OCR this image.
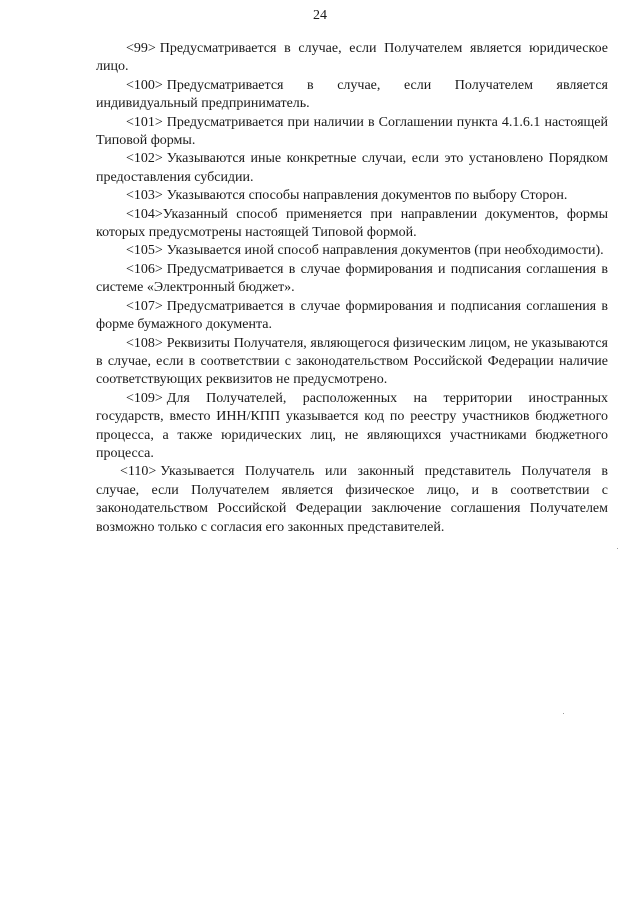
24

<99> Предусматривается в случае, если Получателем является юридическое лицо.

<100> Предусматривается в случае, если Получателем является индивидуальный предприниматель.

<101> Предусматривается при наличии в Соглашении пункта 4.1.6.1 настоящей Типовой формы.

<102> Указываются иные конкретные случаи, если это установлено Порядком предоставления субсидии.

<103> Указываются способы направления документов по выбору Сторон.

<104>Указанный способ применяется при направлении документов, формы которых предусмотрены настоящей Типовой формой.

<105> Указывается иной способ направления документов (при необходимости).

<106> Предусматривается в случае формирования и подписания соглашения в системе «Электронный бюджет».

<107> Предусматривается в случае формирования и подписания соглашения в форме бумажного документа.

<108> Реквизиты Получателя, являющегося физическим лицом, не указываются в случае, если в соответствии с законодательством Российской Федерации наличие соответствующих реквизитов не предусмотрено.

<109> Для Получателей, расположенных на территории иностранных государств, вместо ИНН/КПП указывается код по реестру участников бюджетного процесса, а также юридических лиц, не являющихся участниками бюджетного процесса.

<110> Указывается Получатель или законный представитель Получателя в случае, если Получателем является физическое лицо, и в соответствии с законодательством Российской Федерации заключение соглашения Получателем возможно только с согласия его законных представителей.
